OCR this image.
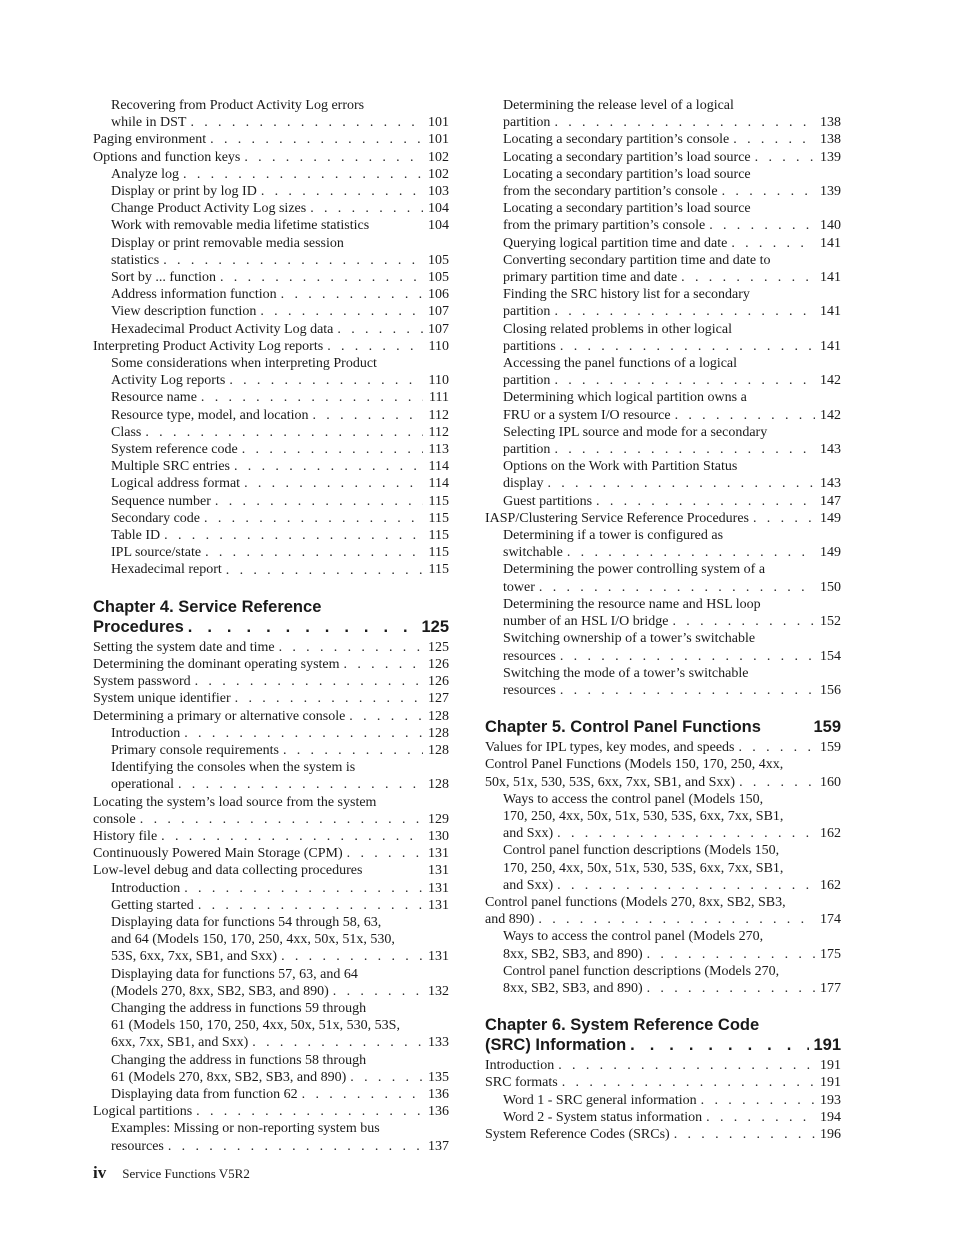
Recovering from Product Activity Log errors
while in DST . . .	101
Paging environment . . .	101
Options and function keys . . .	102
Analyze log . . .	102
Display or print by log ID . . .	103
Change Product Activity Log sizes . . .	104
Work with removable media lifetime statistics	104
Display or print removable media session
statistics . . .	105
Sort by ... function . . .	105
Address information function . . .	106
View description function . . .	107
Hexadecimal Product Activity Log data . . .	107
Interpreting Product Activity Log reports . . .	110
Some considerations when interpreting Product
Activity Log reports . . .	110
Resource name . . .	111
Resource type, model, and location . . .	112
Class . . .	112
System reference code . . .	113
Multiple SRC entries . . .	114
Logical address format . . .	114
Sequence number . . .	115
Secondary code . . .	115
Table ID . . .	115
IPL source/state . . .	115
Hexadecimal report . . .	115
Chapter 4. Service Reference
Procedures . . .	125
Setting the system date and time . . .	125
Determining the dominant operating system . . .	126
System password . . .	126
System unique identifier . . .	127
Determining a primary or alternative console . . .	128
Introduction . . .	128
Primary console requirements . . .	128
Identifying the consoles when the system is
operational . . .	128
Locating the system’s load source from the system
console . . .	129
History file . . .	130
Continuously Powered Main Storage (CPM) . . .	131
Low-level debug and data collecting procedures	131
Introduction . . .	131
Getting started . . .	131
Displaying data for functions 54 through 58, 63,
and 64 (Models 150, 170, 250, 4xx, 50x, 51x, 530,
53S, 6xx, 7xx, SB1, and Sxx) . . .	131
Displaying data for functions 57, 63, and 64
(Models 270, 8xx, SB2, SB3, and 890) . . .	132
Changing the address in functions 59 through
61 (Models 150, 170, 250, 4xx, 50x, 51x, 530, 53S,
6xx, 7xx, SB1, and Sxx) . . .	133
Changing the address in functions 58 through
61 (Models 270, 8xx, SB2, SB3, and 890) . . .	135
Displaying data from function 62 . . .	136
Logical partitions . . .	136
Examples: Missing or non-reporting system bus
resources . . .	137
Determining the release level of a logical
partition . . .	138
Locating a secondary partition’s console . . .	138
Locating a secondary partition’s load source . . .	139
Locating a secondary partition’s load source
from the secondary partition’s console . . .	139
Locating a secondary partition’s load source
from the primary partition’s console . . .	140
Querying logical partition time and date . . .	141
Converting secondary partition time and date to
primary partition time and date . . .	141
Finding the SRC history list for a secondary
partition . . .	141
Closing related problems in other logical
partitions . . .	141
Accessing the panel functions of a logical
partition . . .	142
Determining which logical partition owns a
FRU or a system I/O resource . . .	142
Selecting IPL source and mode for a secondary
partition . . .	143
Options on the Work with Partition Status
display . . .	143
Guest partitions . . .	147
IASP/Clustering Service Reference Procedures . . .	149
Determining if a tower is configured as
switchable . . .	149
Determining the power controlling system of a
tower . . .	150
Determining the resource name and HSL loop
number of an HSL I/O bridge . . .	152
Switching ownership of a tower’s switchable
resources . . .	154
Switching the mode of a tower’s switchable
resources . . .	156
Chapter 5. Control Panel Functions	159
Values for IPL types, key modes, and speeds . . .	159
Control Panel Functions (Models 150, 170, 250, 4xx,
50x, 51x, 530, 53S, 6xx, 7xx, SB1, and Sxx) . . .	160
Ways to access the control panel (Models 150,
170, 250, 4xx, 50x, 51x, 530, 53S, 6xx, 7xx, SB1,
and Sxx) . . .	162
Control panel function descriptions (Models 150,
170, 250, 4xx, 50x, 51x, 530, 53S, 6xx, 7xx, SB1,
and Sxx) . . .	162
Control panel functions (Models 270, 8xx, SB2, SB3,
and 890) . . .	174
Ways to access the control panel (Models 270,
8xx, SB2, SB3, and 890) . . .	175
Control panel function descriptions (Models 270,
8xx, SB2, SB3, and 890) . . .	177
Chapter 6. System Reference Code
(SRC) Information . . .	191
Introduction . . .	191
SRC formats . . .	191
Word 1 - SRC general information . . .	193
Word 2 - System status information . . .	194
System Reference Codes (SRCs) . . .	196
iv Service Functions V5R2
